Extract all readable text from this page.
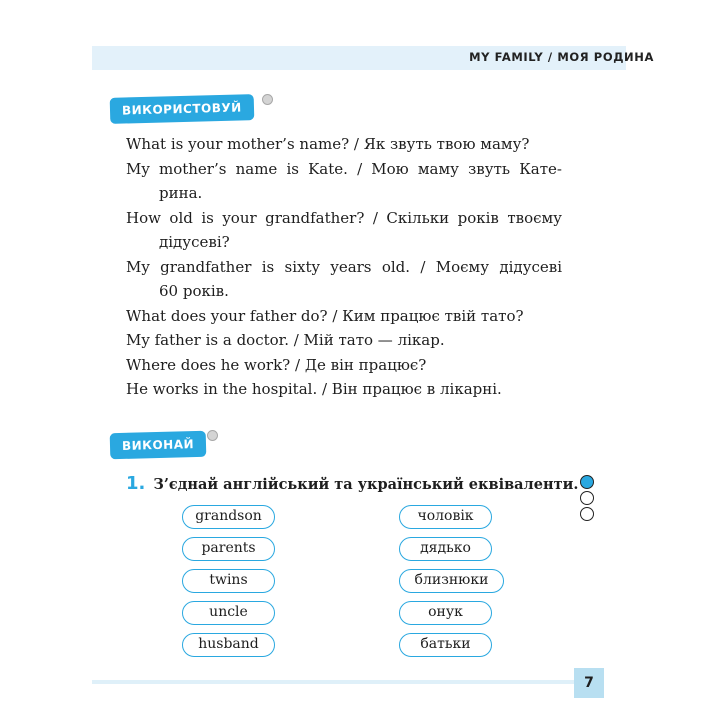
MY FAMILY / МОЯ РОДИНА
ВИКОРИСТОВУЙ
What is your mother’s name? / Як звуть твою маму?
My mother’s name is Kate. / Мою маму звуть Кате-
рина.
How old is your grandfather? / Скільки років твоєму
дідусеві?
My grandfather is sixty years old. / Моєму дідусеві
60 років.
What does your father do? / Ким працює твій тато?
My father is a doctor. / Мій тато — лікар.
Where does he work? / Де він працює?
He works in the hospital. / Він працює в лікарні.
ВИКОНАЙ
1. З’єднай англійський та український еквіваленти.
grandson
parents
twins
uncle
husband
чоловік
дядько
близнюки
онук
батьки
7
